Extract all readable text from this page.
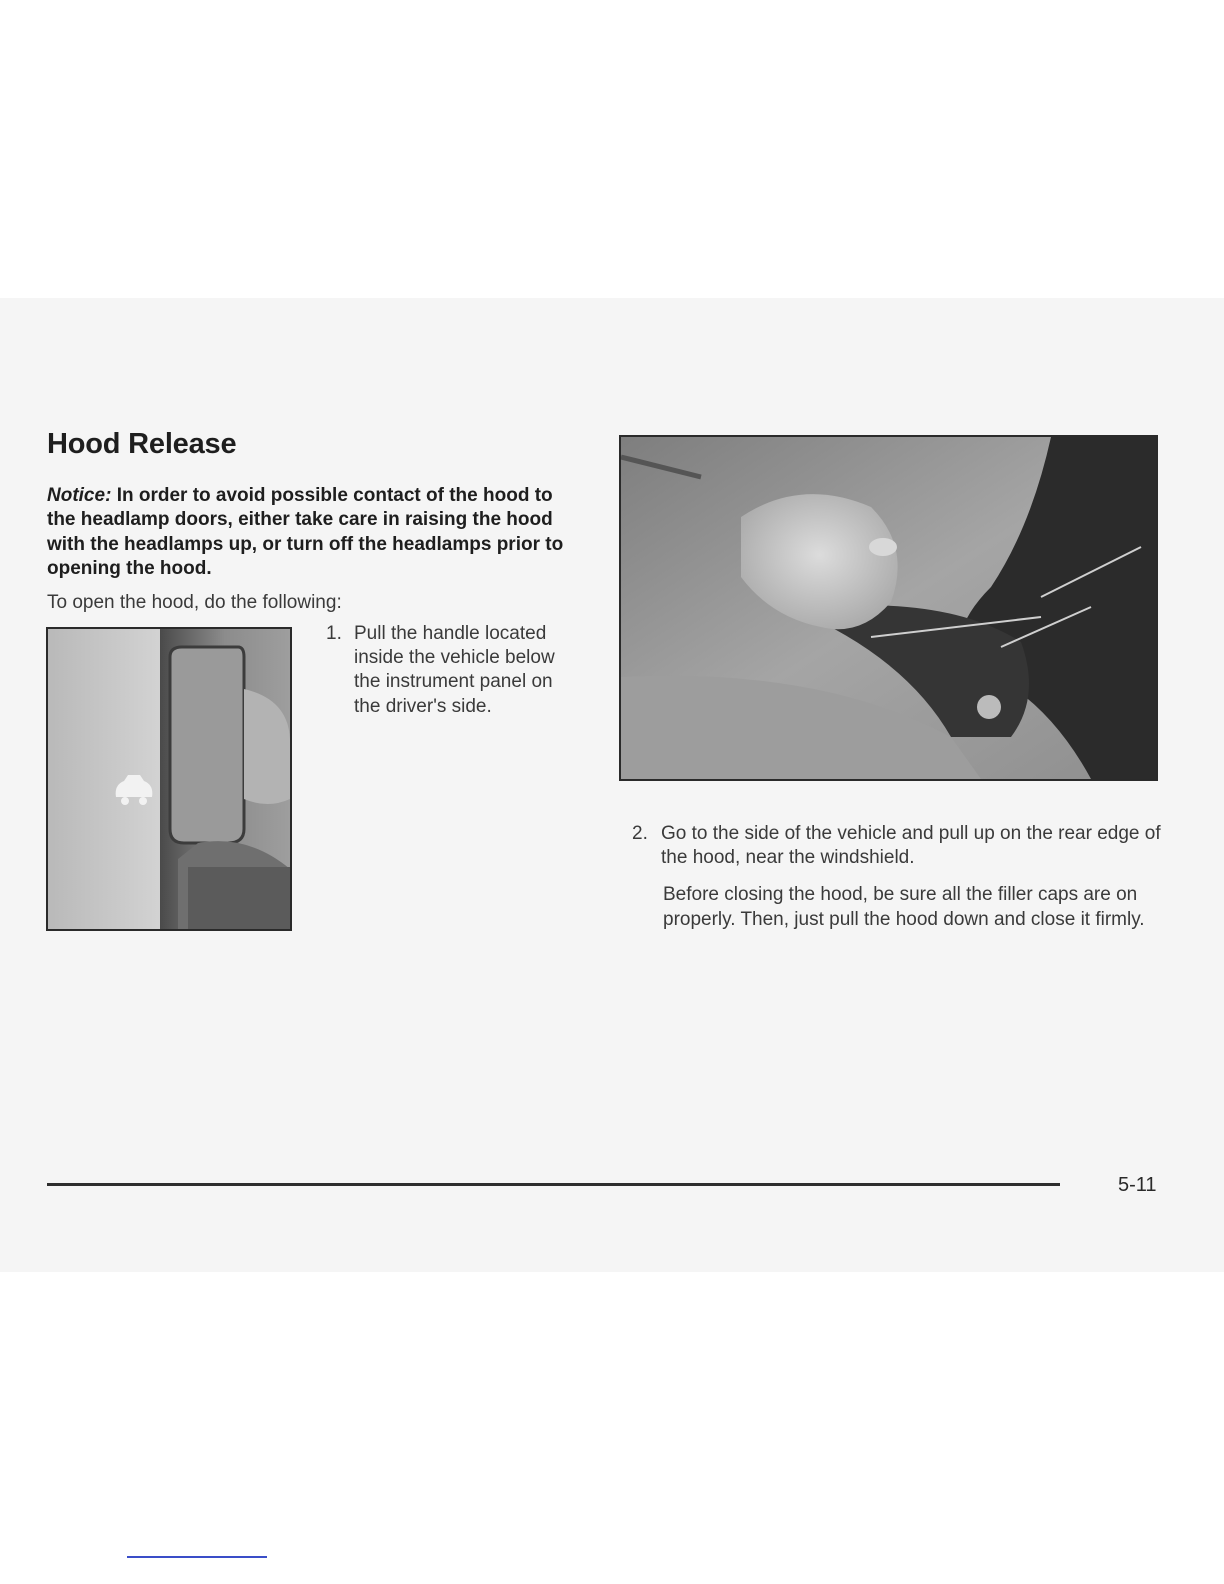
Hood Release
Notice: In order to avoid possible contact of the hood to the headlamp doors, either take care in raising the hood with the headlamps up, or turn off the headlamps prior to opening the hood.
To open the hood, do the following:
1. Pull the handle located inside the vehicle below the instrument panel on the driver's side.
2. Go to the side of the vehicle and pull up on the rear edge of the hood, near the windshield.
Before closing the hood, be sure all the filler caps are on properly. Then, just pull the hood down and close it firmly.
5-11
